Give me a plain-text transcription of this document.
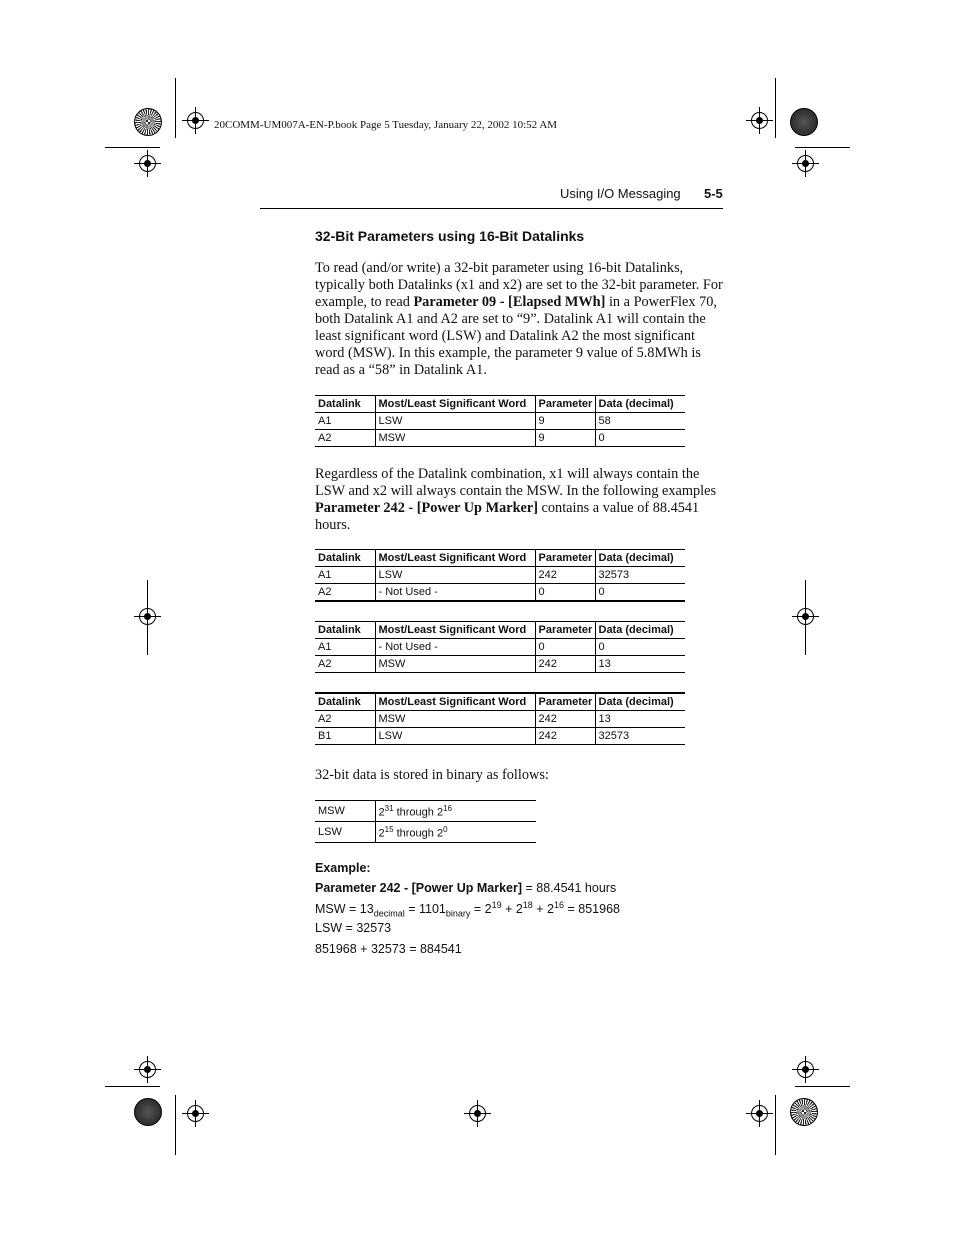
20COMM-UM007A-EN-P.book Page 5 Tuesday, January 22, 2002 10:52 AM
Using I/O Messaging 5-5
32-Bit Parameters using 16-Bit Datalinks
To read (and/or write) a 32-bit parameter using 16-bit Datalinks, typically both Datalinks (x1 and x2) are set to the 32-bit parameter. For example, to read Parameter 09 - [Elapsed MWh] in a PowerFlex 70, both Datalink A1 and A2 are set to “9”. Datalink A1 will contain the least significant word (LSW) and Datalink A2 the most significant word (MSW). In this example, the parameter 9 value of 5.8MWh is read as a “58” in Datalink A1.
Datalink	Most/Least Significant Word	Parameter	Data (decimal)
A1	LSW	9	58
A2	MSW	9	0
Regardless of the Datalink combination, x1 will always contain the LSW and x2 will always contain the MSW. In the following examples Parameter 242 - [Power Up Marker] contains a value of 88.4541 hours.
Datalink	Most/Least Significant Word	Parameter	Data (decimal)
A1	LSW	242	32573
A2	- Not Used -	0	0
Datalink	Most/Least Significant Word	Parameter	Data (decimal)
A1	- Not Used -	0	0
A2	MSW	242	13
Datalink	Most/Least Significant Word	Parameter	Data (decimal)
A2	MSW	242	13
B1	LSW	242	32573
32-bit data is stored in binary as follows:
MSW	$2^{31}$ through $2^{16}$
LSW	$2^{15}$ through $2^0$
Example:
Parameter 242 - [Power Up Marker] = 88.4541 hours
MSW = $13_{decimal} = 1101_{binary} = 2^{19} + 2^{18} + 2^{16} = 851968$
LSW = 32573
851968 + 32573 = 884541
